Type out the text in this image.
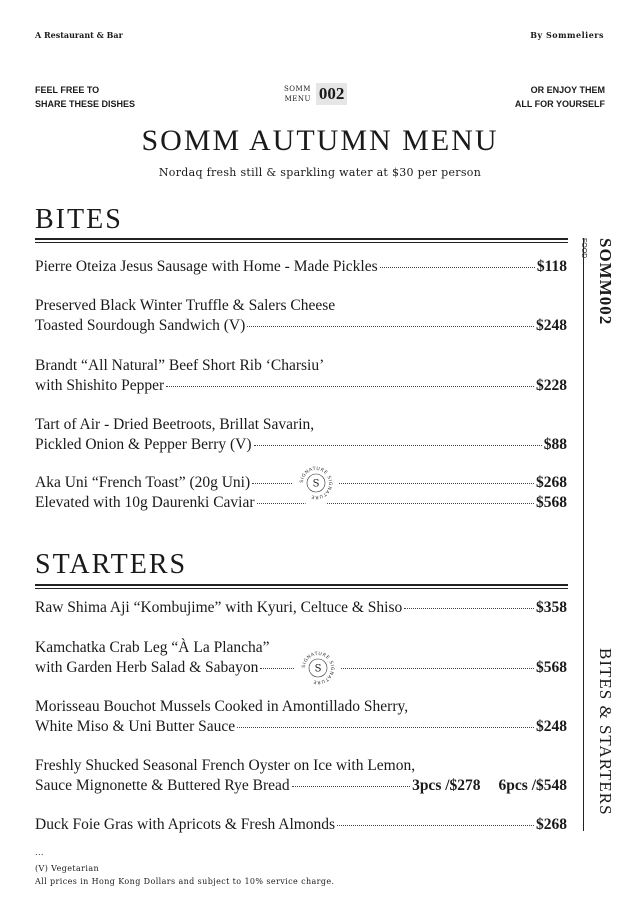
A Restaurant & Bar	By Sommeliers
FEEL FREE TO
SHARE THESE DISHES
OR ENJOY THEM
ALL FOR YOURSELF
SOMM
MENU 002
SOMM AUTUMN MENU
Nordaq fresh still & sparkling water at $30 per person
FOOD SOMM002
BITES & STARTERS
BITES
Pierre Oteiza Jesus Sausage with Home - Made Pickles	$118
Preserved Black Winter Truffle & Salers Cheese
Toasted Sourdough Sandwich (V)	$248
Brandt “All Natural” Beef Short Rib ‘Charsiu’
with Shishito Pepper	$228
Tart of Air - Dried Beetroots, Brillat Savarin,
Pickled Onion & Pepper Berry (V)	$88
Aka Uni “French Toast” (20g Uni)	$268
Elevated with 10g Daurenki Caviar	$568
SIGNATURE SIGNATURE
S
STARTERS
Raw Shima Aji “Kombujime” with Kyuri, Celtuce & Shiso	$358
Kamchatka Crab Leg “À La Plancha”
with Garden Herb Salad & Sabayon	$568
SIGNATURE SIGNATURE
S
Morisseau Bouchot Mussels Cooked in Amontillado Sherry,
White Miso & Uni Butter Sauce	$248
Freshly Shucked Seasonal French Oyster on Ice with Lemon,
Sauce Mignonette & Buttered Rye Bread	3pcs /$278 6pcs /$548
Duck Foie Gras with Apricots & Fresh Almonds	$268
...
(V) Vegetarian
All prices in Hong Kong Dollars and subject to 10% service charge.
